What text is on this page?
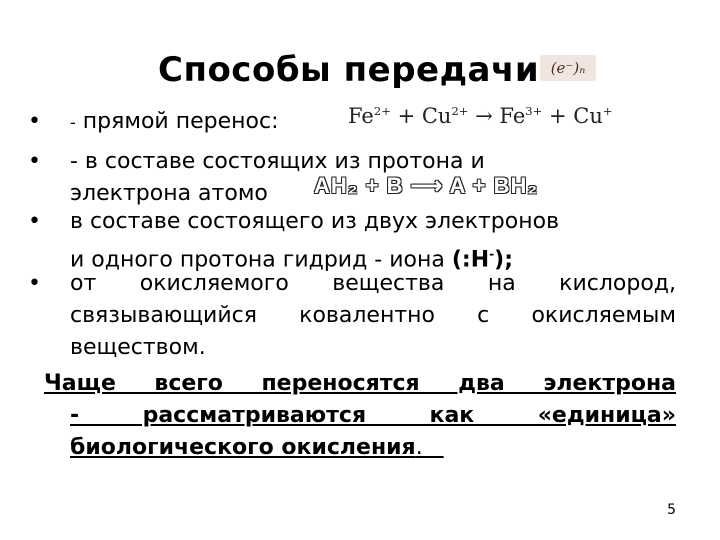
Способы передачи (e⁻)ₙ
• - прямой перенос:	$Fe^{2+} + Cu^{2+} \to Fe^{3+} + Cu^+$
• - в составе состоящих из протона и
электрона атомо	AH₂ + B ⟶ A + BH₂
• в составе состоящего из двух электронов
и одного протона гидрид - иона (:Н-);
• от окисляемого вещества на кислород,
связывающийся ковалентно с окисляемым
веществом.
Чаще всего переносятся два электрона
- рассматриваются как «единица»
биологического окисления.
5
